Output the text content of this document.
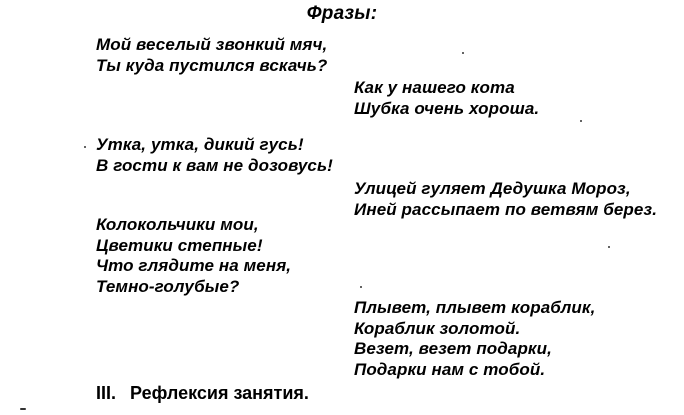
Фразы:
Мой веселый звонкий мяч,
Ты куда пустился вскачь?
Как у нашего кота
Шубка очень хороша.
Утка, утка, дикий гусь!
В гости к вам не дозовусь!
Улицей гуляет Дедушка Мороз,
Иней рассыпает по ветвям берез.
Колокольчики мои,
Цветики степные!
Что глядите на меня,
Темно-голубые?
Плывет, плывет кораблик,
Кораблик золотой.
Везет, везет подарки,
Подарки нам с тобой.
III. Рефлексия занятия.
